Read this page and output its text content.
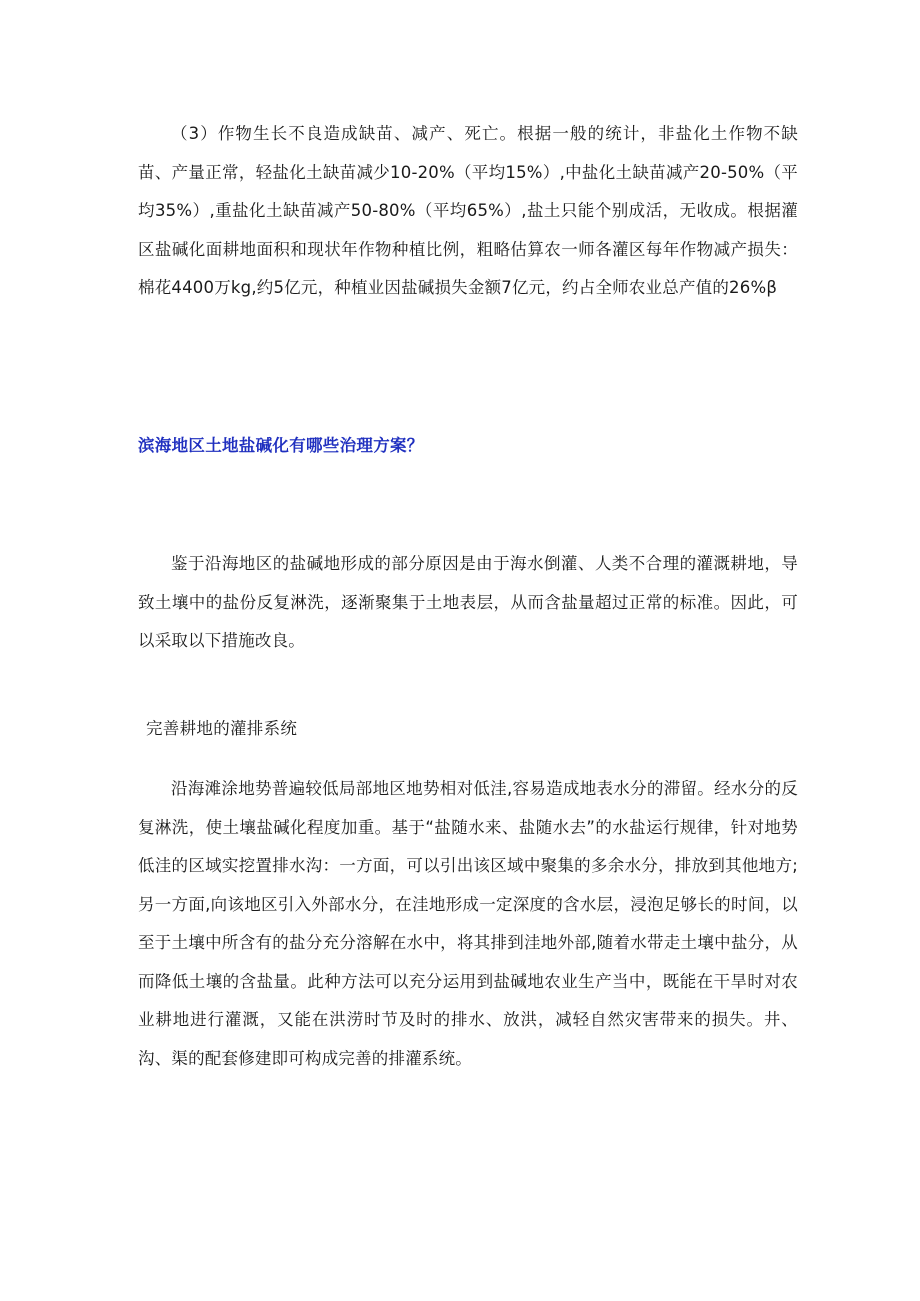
（3）作物生长不良造成缺苗、减产、死亡。根据一般的统计，非盐化土作物不缺苗、产量正常，轻盐化土缺苗减少10-20%（平均15%）,中盐化土缺苗减产20-50%（平均35%）,重盐化土缺苗减产50-80%（平均65%）,盐土只能个别成活，无收成。根据灌区盐碱化面耕地面积和现状年作物种植比例，粗略估算农一师各灌区每年作物减产损失：棉花4400万kg,约5亿元，种植业因盐碱损失金额7亿元，约占全师农业总产值的26%β

滨海地区土地盐碱化有哪些治理方案？

鉴于沿海地区的盐碱地形成的部分原因是由于海水倒灌、人类不合理的灌溉耕地，导致土壤中的盐份反复淋洗，逐渐聚集于土地表层，从而含盐量超过正常的标准。因此，可以采取以下措施改良。

完善耕地的灌排系统

沿海滩涂地势普遍较低局部地区地势相对低洼,容易造成地表水分的滞留。经水分的反复淋洗，使土壤盐碱化程度加重。基于“盐随水来、盐随水去”的水盐运行规律，针对地势低洼的区域实挖置排水沟：一方面，可以引出该区域中聚集的多余水分，排放到其他地方;另一方面,向该地区引入外部水分，在洼地形成一定深度的含水层，浸泡足够长的时间，以至于土壤中所含有的盐分充分溶解在水中，将其排到洼地外部,随着水带走土壤中盐分，从而降低土壤的含盐量。此种方法可以充分运用到盐碱地农业生产当中，既能在干旱时对农业耕地进行灌溉，又能在洪涝时节及时的排水、放洪，减轻自然灾害带来的损失。井、沟、渠的配套修建即可构成完善的排灌系统。
